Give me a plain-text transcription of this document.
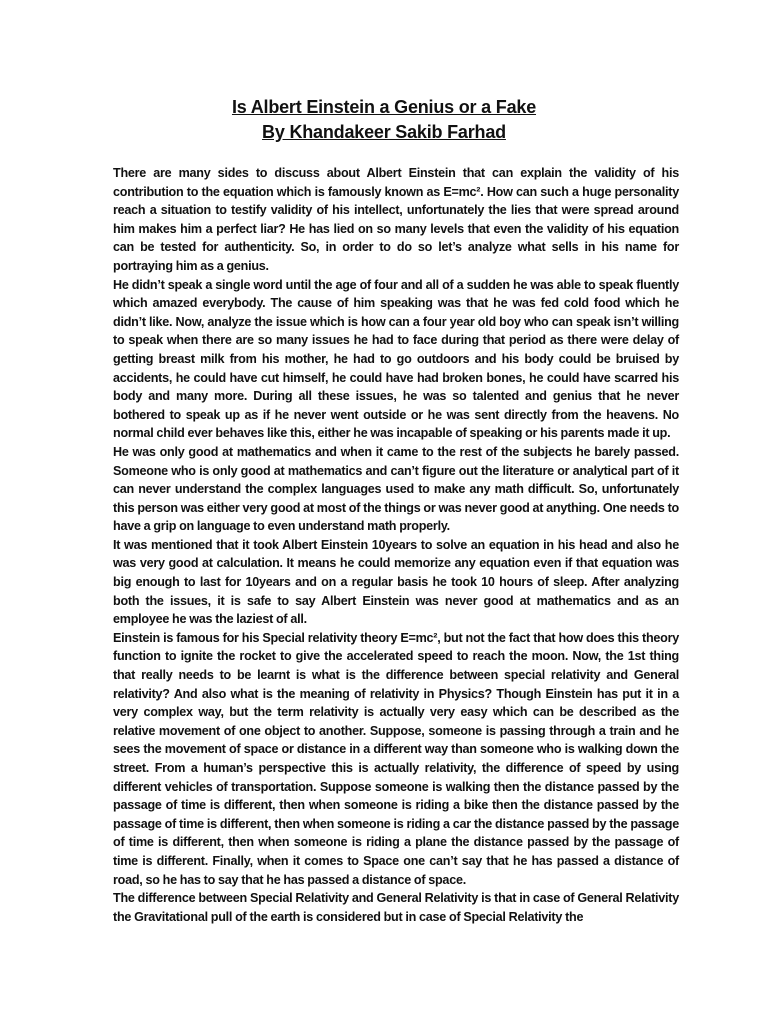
Is Albert Einstein a Genius or a Fake
By Khandakeer Sakib Farhad

There are many sides to discuss about Albert Einstein that can explain the validity of his contribution to the equation which is famously known as E=mc². How can such a huge personality reach a situation to testify validity of his intellect, unfortunately the lies that were spread around him makes him a perfect liar? He has lied on so many levels that even the validity of his equation can be tested for authenticity. So, in order to do so let’s analyze what sells in his name for portraying him as a genius.

He didn’t speak a single word until the age of four and all of a sudden he was able to speak fluently which amazed everybody. The cause of him speaking was that he was fed cold food which he didn’t like. Now, analyze the issue which is how can a four year old boy who can speak isn’t willing to speak when there are so many issues he had to face during that period as there were delay of getting breast milk from his mother, he had to go outdoors and his body could be bruised by accidents, he could have cut himself, he could have had broken bones, he could have scarred his body and many more. During all these issues, he was so talented and genius that he never bothered to speak up as if he never went outside or he was sent directly from the heavens. No normal child ever behaves like this, either he was incapable of speaking or his parents made it up.

He was only good at mathematics and when it came to the rest of the subjects he barely passed. Someone who is only good at mathematics and can’t figure out the literature or analytical part of it can never understand the complex languages used to make any math difficult. So, unfortunately this person was either very good at most of the things or was never good at anything. One needs to have a grip on language to even understand math properly.

It was mentioned that it took Albert Einstein 10years to solve an equation in his head and also he was very good at calculation. It means he could memorize any equation even if that equation was big enough to last for 10years and on a regular basis he took 10 hours of sleep. After analyzing both the issues, it is safe to say Albert Einstein was never good at mathematics and as an employee he was the laziest of all.

Einstein is famous for his Special relativity theory E=mc², but not the fact that how does this theory function to ignite the rocket to give the accelerated speed to reach the moon. Now, the 1st thing that really needs to be learnt is what is the difference between special relativity and General relativity? And also what is the meaning of relativity in Physics? Though Einstein has put it in a very complex way, but the term relativity is actually very easy which can be described as the relative movement of one object to another. Suppose, someone is passing through a train and he sees the movement of space or distance in a different way than someone who is walking down the street. From a human’s perspective this is actually relativity, the difference of speed by using different vehicles of transportation. Suppose someone is walking then the distance passed by the passage of time is different, then when someone is riding a bike then the distance passed by the passage of time is different, then when someone is riding a car the distance passed by the passage of time is different, then when someone is riding a plane the distance passed by the passage of time is different. Finally, when it comes to Space one can’t say that he has passed a distance of road, so he has to say that he has passed a distance of space.

The difference between Special Relativity and General Relativity is that in case of General Relativity the Gravitational pull of the earth is considered but in case of Special Relativity the
